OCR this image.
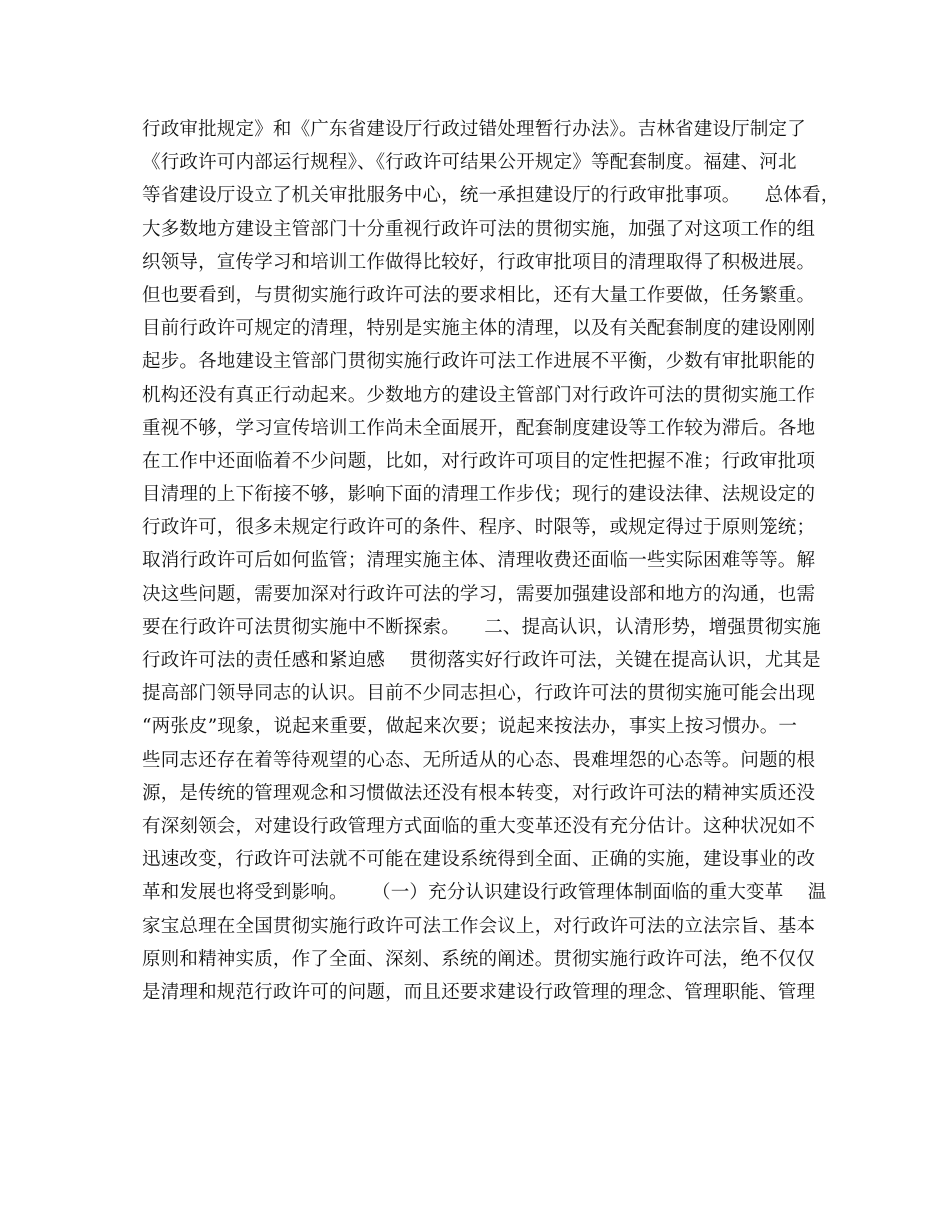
行政审批规定》和《广东省建设厅行政过错处理暂行办法》。吉林省建设厅制定了
《行政许可内部运行规程》、《行政许可结果公开规定》等配套制度。福建、河北
等省建设厅设立了机关审批服务中心，统一承担建设厅的行政审批事项。    总体看，
大多数地方建设主管部门十分重视行政许可法的贯彻实施，加强了对这项工作的组
织领导，宣传学习和培训工作做得比较好，行政审批项目的清理取得了积极进展。
但也要看到，与贯彻实施行政许可法的要求相比，还有大量工作要做，任务繁重。
目前行政许可规定的清理，特别是实施主体的清理，以及有关配套制度的建设刚刚
起步。各地建设主管部门贯彻实施行政许可法工作进展不平衡，少数有审批职能的
机构还没有真正行动起来。少数地方的建设主管部门对行政许可法的贯彻实施工作
重视不够，学习宣传培训工作尚未全面展开，配套制度建设等工作较为滞后。各地
在工作中还面临着不少问题，比如，对行政许可项目的定性把握不准；行政审批项
目清理的上下衔接不够，影响下面的清理工作步伐；现行的建设法律、法规设定的
行政许可，很多未规定行政许可的条件、程序、时限等，或规定得过于原则笼统；
取消行政许可后如何监管；清理实施主体、清理收费还面临一些实际困难等等。解
决这些问题，需要加深对行政许可法的学习，需要加强建设部和地方的沟通，也需
要在行政许可法贯彻实施中不断探索。    二、提高认识，认清形势，增强贯彻实施
行政许可法的责任感和紧迫感    贯彻落实好行政许可法，关键在提高认识，尤其是
提高部门领导同志的认识。目前不少同志担心，行政许可法的贯彻实施可能会出现
“两张皮”现象，说起来重要，做起来次要；说起来按法办，事实上按习惯办。一
些同志还存在着等待观望的心态、无所适从的心态、畏难埋怨的心态等。问题的根
源，是传统的管理观念和习惯做法还没有根本转变，对行政许可法的精神实质还没
有深刻领会，对建设行政管理方式面临的重大变革还没有充分估计。这种状况如不
迅速改变，行政许可法就不可能在建设系统得到全面、正确的实施，建设事业的改
革和发展也将受到影响。    （一）充分认识建设行政管理体制面临的重大变革    温
家宝总理在全国贯彻实施行政许可法工作会议上，对行政许可法的立法宗旨、基本
原则和精神实质，作了全面、深刻、系统的阐述。贯彻实施行政许可法，绝不仅仅
是清理和规范行政许可的问题，而且还要求建设行政管理的理念、管理职能、管理
